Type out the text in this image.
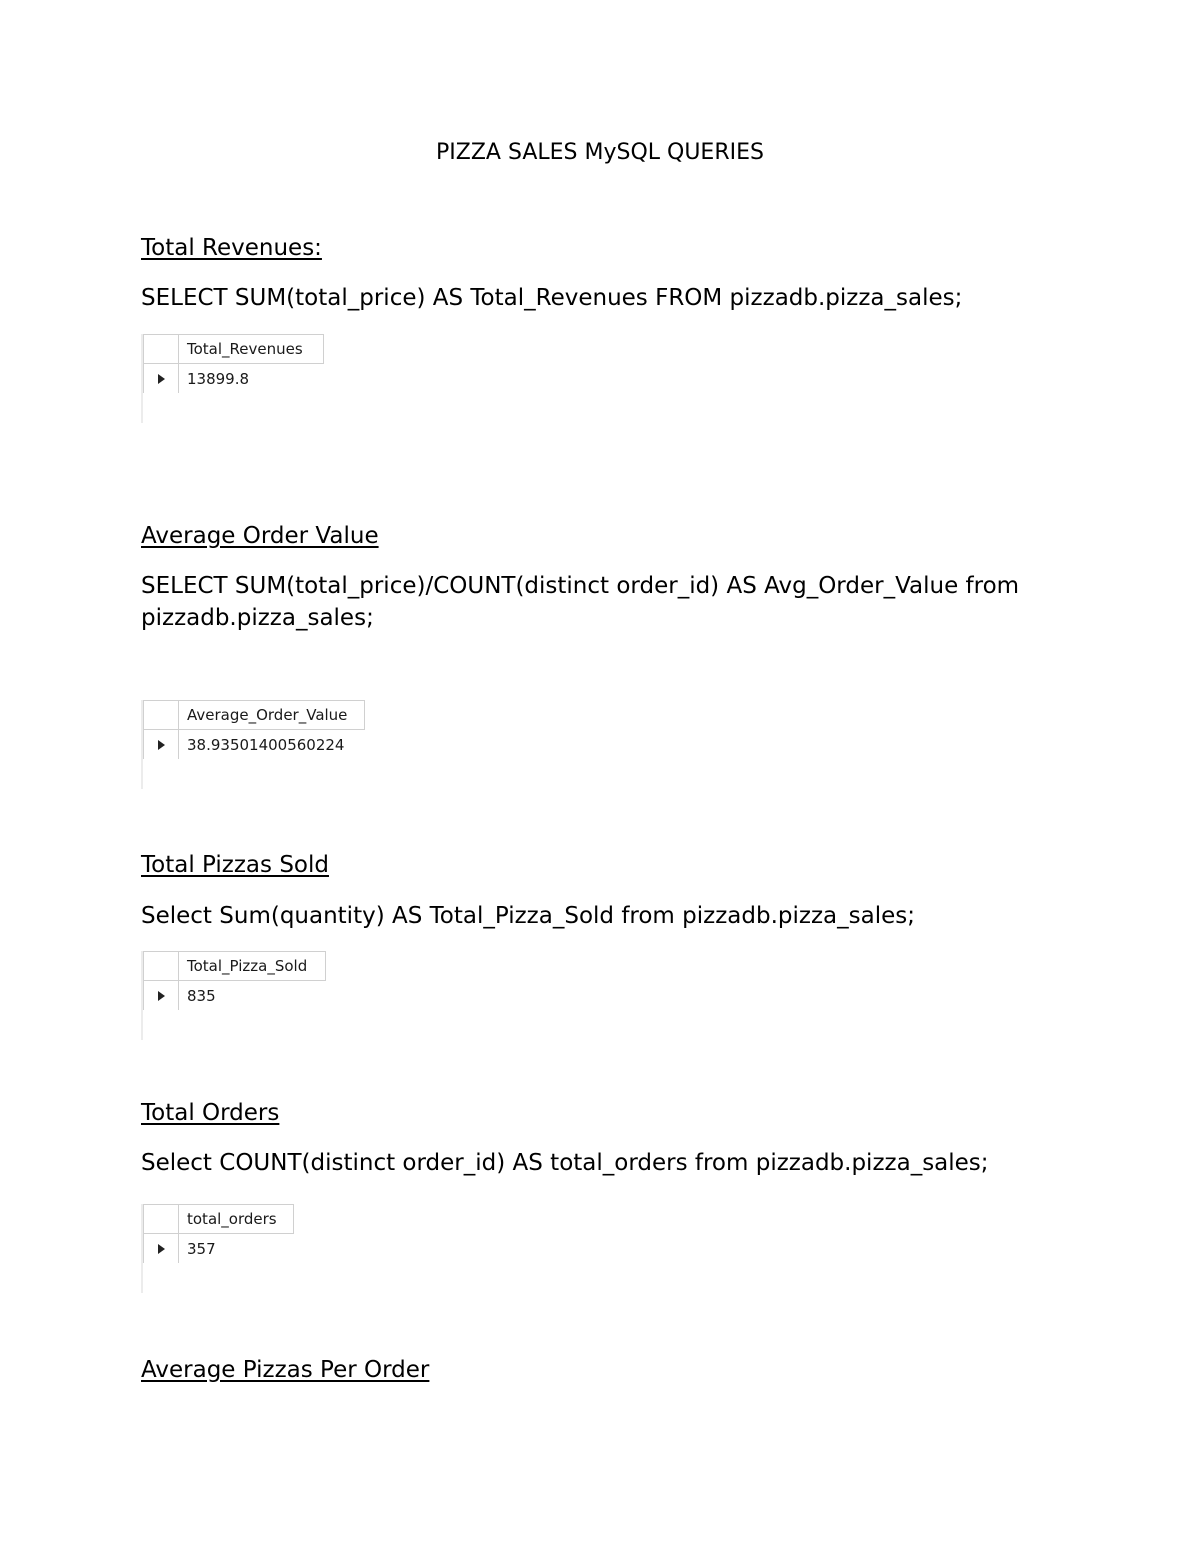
PIZZA SALES MySQL QUERIES
Total Revenues:
SELECT SUM(total_price) AS Total_Revenues FROM pizzadb.pizza_sales;
Total_Revenues
13899.8
Average Order Value
SELECT SUM(total_price)/COUNT(distinct order_id) AS Avg_Order_Value from pizzadb.pizza_sales;
Average_Order_Value
38.93501400560224
Total Pizzas Sold
Select Sum(quantity) AS Total_Pizza_Sold from pizzadb.pizza_sales;
Total_Pizza_Sold
835
Total Orders
Select COUNT(distinct order_id) AS total_orders from pizzadb.pizza_sales;
total_orders
357
Average Pizzas Per Order
